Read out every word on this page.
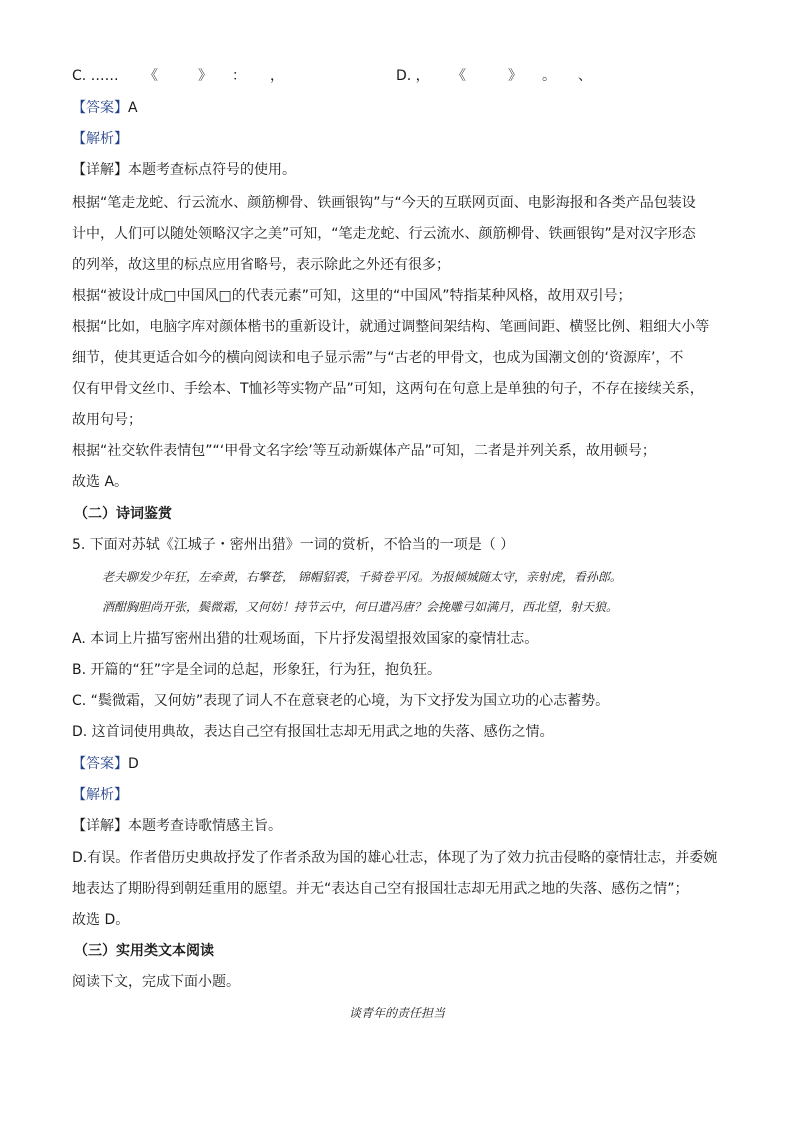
C. …… 《	》 ： ，	D. ， 《	》 。 、
【答案】A
【解析】
【详解】本题考查标点符号的使用。
根据“笔走龙蛇、行云流水、颜筋柳骨、铁画银钩”与“今天的互联网页面、电影海报和各类产品包装设
计中，人们可以随处领略汉字之美”可知，“笔走龙蛇、行云流水、颜筋柳骨、铁画银钩”是对汉字形态
的列举，故这里的标点应用省略号，表示除此之外还有很多；
根据“被设计成□中国风□的代表元素”可知，这里的“中国风”特指某种风格，故用双引号；
根据“比如，电脑字库对颜体楷书的重新设计，就通过调整间架结构、笔画间距、横竖比例、粗细大小等
细节，使其更适合如今的横向阅读和电子显示需”与“古老的甲骨文，也成为国潮文创的‘资源库’，不
仅有甲骨文丝巾、手绘本、T恤衫等实物产品”可知，这两句在句意上是单独的句子，不存在接续关系，
故用句号；
根据“社交软件表情包”“‘甲骨文名字绘’等互动新媒体产品”可知，二者是并列关系，故用顿号；
故选 A。
（二）诗词鉴赏
5. 下面对苏轼《江城子・密州出猎》一词的赏析，不恰当的一项是（ ）
老夫聊发少年狂，左牵黄，右擎苍， 锦帽貂裘，千骑卷平冈。为报倾城随太守，亲射虎，看孙郎。
酒酣胸胆尚开张，鬓微霜，又何妨！持节云中，何日遣冯唐？会挽雕弓如满月，西北望，射天狼。
A. 本词上片描写密州出猎的壮观场面，下片抒发渴望报效国家的豪情壮志。
B. 开篇的“狂”字是全词的总起，形象狂，行为狂，抱负狂。
C. “鬓微霜，又何妨”表现了词人不在意衰老的心境，为下文抒发为国立功的心志蓄势。
D. 这首词使用典故，表达自己空有报国壮志却无用武之地的失落、感伤之情。
【答案】D
【解析】
【详解】本题考查诗歌情感主旨。
D.有误。作者借历史典故抒发了作者杀敌为国的雄心壮志，体现了为了效力抗击侵略的豪情壮志，并委婉
地表达了期盼得到朝廷重用的愿望。并无“表达自己空有报国壮志却无用武之地的失落、感伤之情”；
故选 D。
（三）实用类文本阅读
阅读下文，完成下面小题。
谈青年的责任担当
